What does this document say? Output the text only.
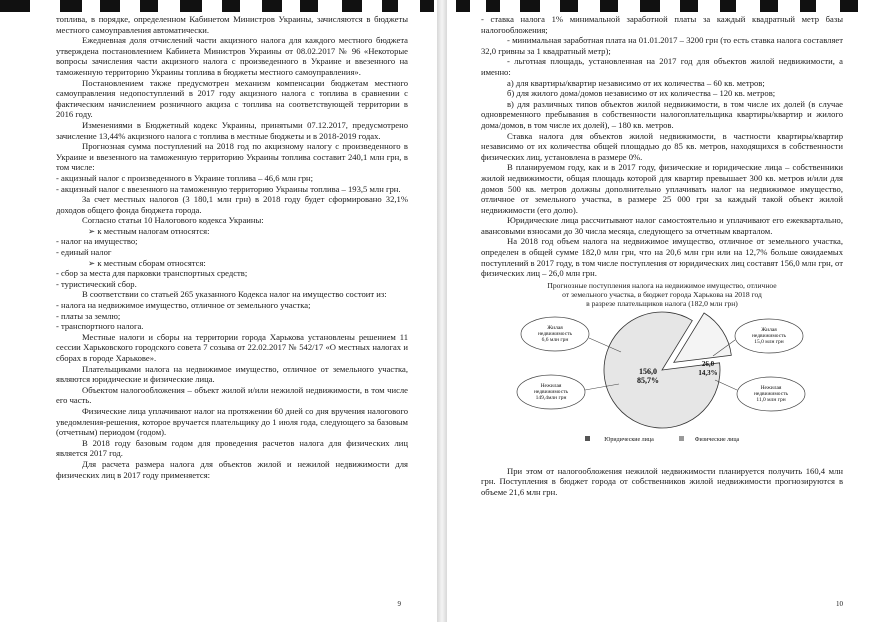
топлива, в порядке, определенном Кабинетом Министров Украины, зачисляются в бюджеты местного самоуправления автоматически.

Ежедневная доля отчислений части акцизного налога для каждого местного бюджета утверждена постановлением Кабинета Министров Украины от 08.02.2017 № 96 «Некоторые вопросы зачисления части акцизного налога с произведенного в Украине и ввезенного на таможенную территорию Украины топлива в бюджеты местного самоуправления».

Постановлением также предусмотрен механизм компенсации бюджетам местного самоуправления недопоступлений в 2017 году акцизного налога с топлива в сравнении с фактическим начислением розничного акциза с топлива на соответствующей территории в 2016 году.

Изменениями в Бюджетный кодекс Украины, принятыми 07.12.2017, предусмотрено зачисление 13,44% акцизного налога с топлива в местные бюджеты и в 2018-2019 годах.

Прогнозная сумма поступлений на 2018 год по акцизному налогу с произведенного в Украине и ввезенного на таможенную территорию Украины топлива составит 240,1 млн грн, в том числе:

- акцизный налог с произведенного в Украине топлива – 46,6 млн грн;

- акцизный налог с ввезенного на таможенную территорию Украины топлива – 193,5 млн грн.

За счет местных налогов (3 180,1 млн грн) в 2018 году будет сформировано 32,1% доходов общего фонда бюджета города.

Согласно статьи 10 Налогового кодекса Украины:

➢ к местным налогам относятся:

- налог на имущество;

- единый налог

➢ к местным сборам относятся:

- сбор за места для парковки транспортных средств;

- туристический сбор.

В соответствии со статьей 265 указанного Кодекса налог на имущество состоит из:

- налога на недвижимое имущество, отличное от земельного участка;

- платы за землю;

- транспортного налога.

Местные налоги и сборы на территории города Харькова установлены решением 11 сессии Харьковского городского совета 7 созыва от 22.02.2017 № 542/17 «О местных налогах и сборах в городе Харькове».

Плательщиками налога на недвижимое имущество, отличное от земельного участка, являются юридические и физические лица.

Объектом налогообложения – объект жилой и/или нежилой недвижимости, в том числе его часть.

Физические лица уплачивают налог на протяжении 60 дней со дня вручения налогового уведомления-решения, которое вручается плательщику до 1 июля года, следующего за базовым (отчетным) периодом (годом).

В 2018 году базовым годом для проведения расчетов налога для физических лиц является 2017 год.

Для расчета размера налога для объектов жилой и нежилой недвижимости для физических лиц в 2017 году применяется:

9

- ставка налога 1% минимальной заработной платы за каждый квадратный метр базы налогообложения;

- минимальная заработная плата на 01.01.2017 – 3200 грн (то есть ставка налога составляет 32,0 гривны за 1 квадратный метр);

- льготная площадь, установленная на 2017 год для объектов жилой недвижимости, а именно:

а) для квартиры/квартир независимо от их количества – 60 кв. метров;

б) для жилого дома/домов независимо от их количества – 120 кв. метров;

в) для различных типов объектов жилой недвижимости, в том числе их долей (в случае одновременного пребывания в собственности налогоплательщика квартиры/квартир и жилого дома/домов, в том числе их долей), – 180 кв. метров.

Ставка налога для объектов жилой недвижимости, в частности квартиры/квартир независимо от их количества общей площадью до 85 кв. метров, находящихся в собственности физических лиц, установлена в размере 0%.

В планируемом году, как и в 2017 году, физические и юридические лица – собственники жилой недвижимости, общая площадь которой для квартир превышает 300 кв. метров и/или для домов 500 кв. метров должны дополнительно уплачивать налог на недвижимое имущество, отличное от земельного участка, в размере 25 000 грн за каждый такой объект жилой недвижимости (его долю).

Юридические лица рассчитывают налог самостоятельно и уплачивают его ежеквартально, авансовыми взносами до 30 числа месяца, следующего за отчетным кварталом.

На 2018 год объем налога на недвижимое имущество, отличное от земельного участка, определен в общей сумме 182,0 млн грн, что на 20,6 млн грн или на 12,7% больше ожидаемых поступлений в 2017 году, в том числе поступления от юридических лиц составят 156,0 млн грн, от физических лиц – 26,0 млн грн.

Прогнозные поступления налога на недвижимое имущество, отличное
от земельного участка, в бюджет города Харькова на 2018 год
в разрезе плательщиков налога (182,0 млн грн)
156,0
85,7%
26,0
14,3%
Жилая
недвижимость
6,6 млн грн
Нежилая
недвижимость
149,4млн грн
Жилая
недвижимость
15,0 млн грн
Нежилая
недвижимость
11,0 млн грн
Юридические лица	Физические лица

При этом от налогообложения нежилой недвижимости планируется получить 160,4 млн грн. Поступления в бюджет города от собственников жилой недвижимости прогнозируются в объеме 21,6 млн грн.

10
